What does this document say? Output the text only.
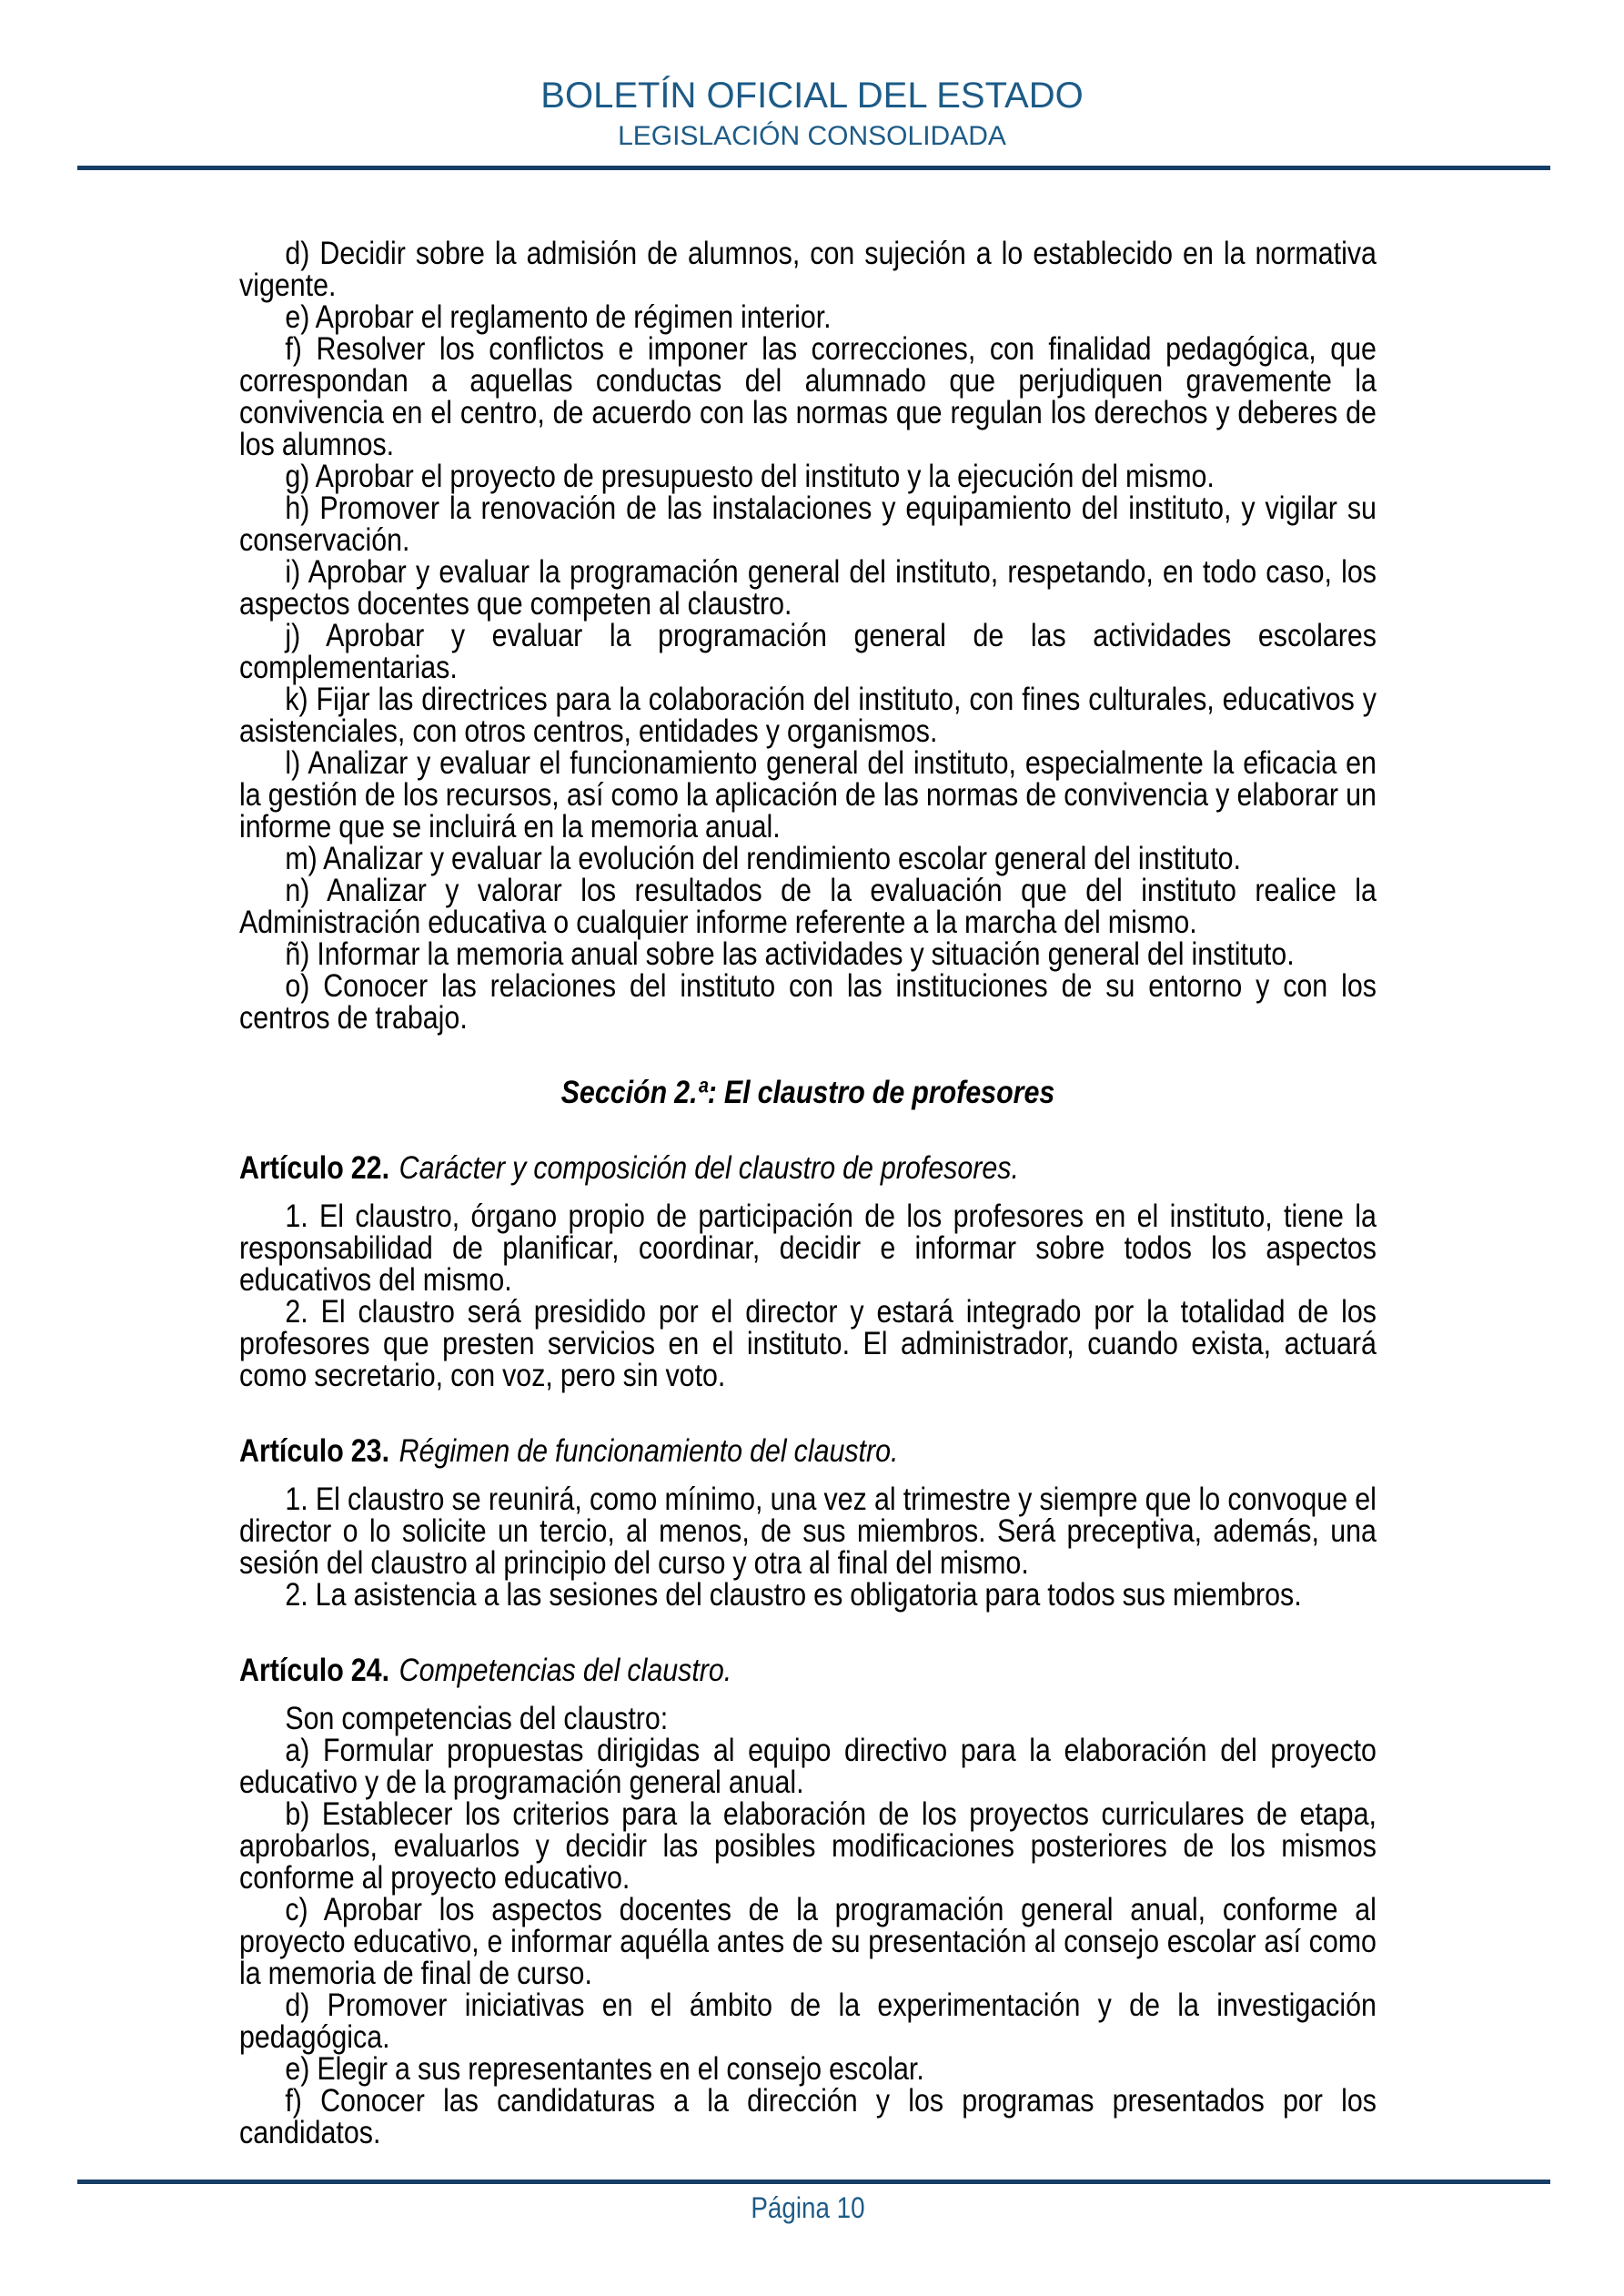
BOLETÍN OFICIAL DEL ESTADO

LEGISLACIÓN CONSOLIDADA

d) Decidir sobre la admisión de alumnos, con sujeción a lo establecido en la normativa vigente.

e) Aprobar el reglamento de régimen interior.

f) Resolver los conflictos e imponer las correcciones, con finalidad pedagógica, que correspondan a aquellas conductas del alumnado que perjudiquen gravemente la convivencia en el centro, de acuerdo con las normas que regulan los derechos y deberes de los alumnos.

g) Aprobar el proyecto de presupuesto del instituto y la ejecución del mismo.

h) Promover la renovación de las instalaciones y equipamiento del instituto, y vigilar su conservación.

i) Aprobar y evaluar la programación general del instituto, respetando, en todo caso, los aspectos docentes que competen al claustro.

j) Aprobar y evaluar la programación general de las actividades escolares complementarias.

k) Fijar las directrices para la colaboración del instituto, con fines culturales, educativos y asistenciales, con otros centros, entidades y organismos.

l) Analizar y evaluar el funcionamiento general del instituto, especialmente la eficacia en la gestión de los recursos, así como la aplicación de las normas de convivencia y elaborar un informe que se incluirá en la memoria anual.

m) Analizar y evaluar la evolución del rendimiento escolar general del instituto.

n) Analizar y valorar los resultados de la evaluación que del instituto realice la Administración educativa o cualquier informe referente a la marcha del mismo.

ñ) Informar la memoria anual sobre las actividades y situación general del instituto.

o) Conocer las relaciones del instituto con las instituciones de su entorno y con los centros de trabajo.

Sección 2.ª: El claustro de profesores

Artículo 22. Carácter y composición del claustro de profesores.

1. El claustro, órgano propio de participación de los profesores en el instituto, tiene la responsabilidad de planificar, coordinar, decidir e informar sobre todos los aspectos educativos del mismo.

2. El claustro será presidido por el director y estará integrado por la totalidad de los profesores que presten servicios en el instituto. El administrador, cuando exista, actuará como secretario, con voz, pero sin voto.

Artículo 23. Régimen de funcionamiento del claustro.

1. El claustro se reunirá, como mínimo, una vez al trimestre y siempre que lo convoque el director o lo solicite un tercio, al menos, de sus miembros. Será preceptiva, además, una sesión del claustro al principio del curso y otra al final del mismo.

2. La asistencia a las sesiones del claustro es obligatoria para todos sus miembros.

Artículo 24. Competencias del claustro.

Son competencias del claustro:

a) Formular propuestas dirigidas al equipo directivo para la elaboración del proyecto educativo y de la programación general anual.

b) Establecer los criterios para la elaboración de los proyectos curriculares de etapa, aprobarlos, evaluarlos y decidir las posibles modificaciones posteriores de los mismos conforme al proyecto educativo.

c) Aprobar los aspectos docentes de la programación general anual, conforme al proyecto educativo, e informar aquélla antes de su presentación al consejo escolar así como la memoria de final de curso.

d) Promover iniciativas en el ámbito de la experimentación y de la investigación pedagógica.

e) Elegir a sus representantes en el consejo escolar.

f) Conocer las candidaturas a la dirección y los programas presentados por los candidatos.

Página 10
